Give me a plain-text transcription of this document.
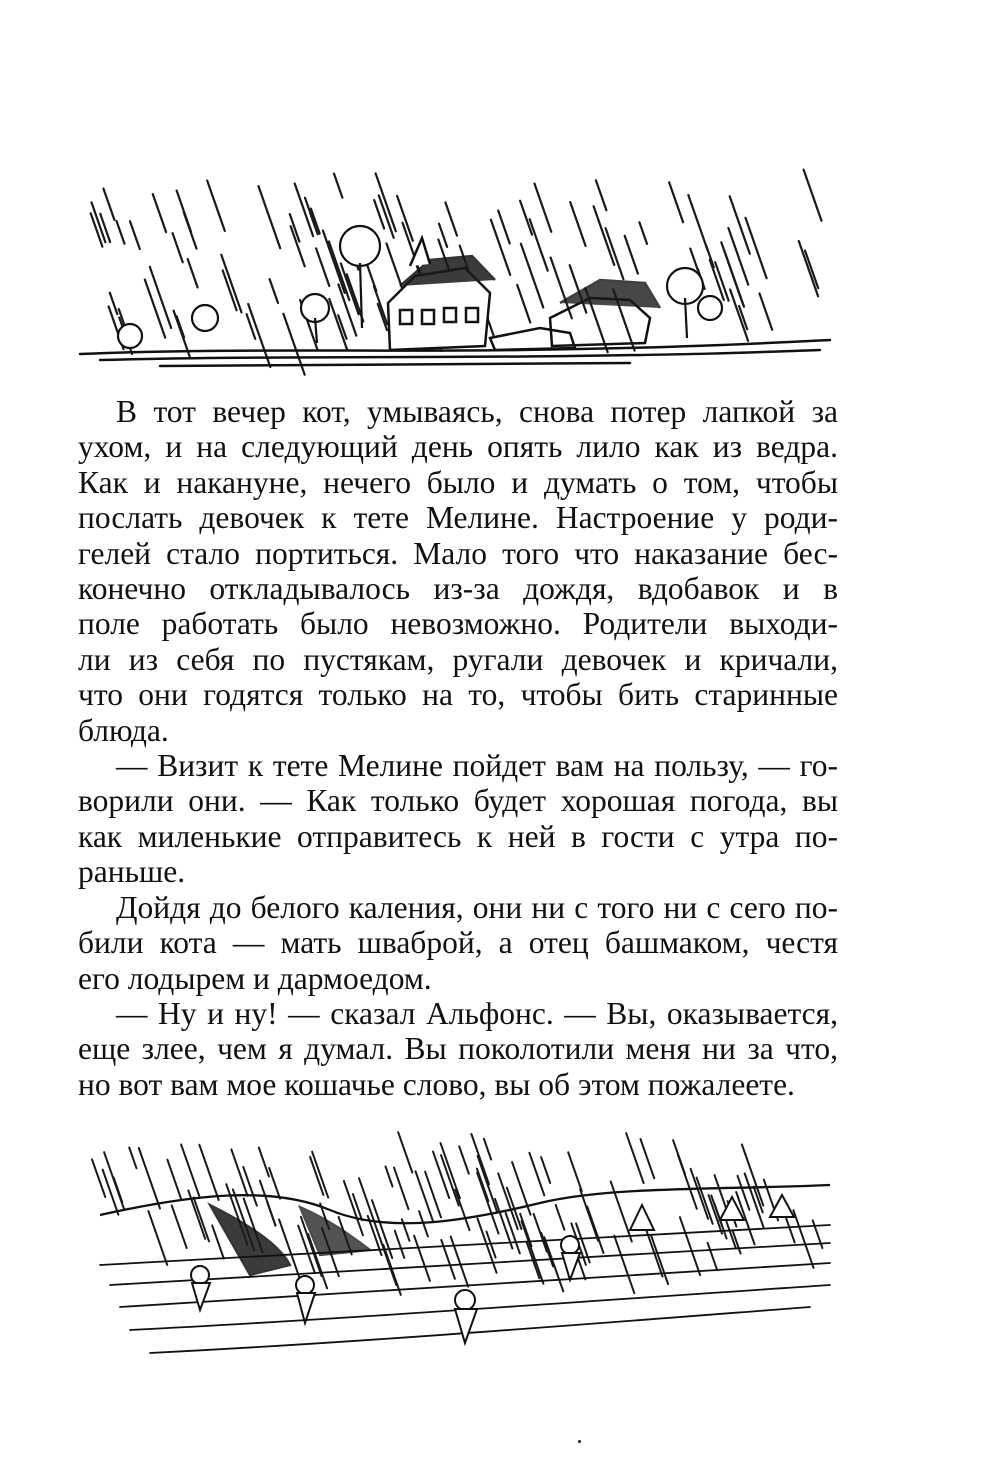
В тот вечер кот, умываясь, снова потер лапкой за
ухом, и на следующий день опять лило как из ведра.
Как и накануне, нечего было и думать о том, чтобы
послать девочек к тете Мелине. Настроение у роди-
гелей стало портиться. Мало того что наказание бес-
конечно откладывалось из-за дождя, вдобавок и в
поле работать было невозможно. Родители выходи-
ли из себя по пустякам, ругали девочек и кричали,
что они годятся только на то, чтобы бить старинные
блюда.

— Визит к тете Мелине пойдет вам на пользу, — го-
ворили они. — Как только будет хорошая погода, вы
как миленькие отправитесь к ней в гости с утра по-
раньше.

Дойдя до белого каления, они ни с того ни с сего по-
били кота — мать шваброй, а отец башмаком, честя
его лодырем и дармоедом.

— Ну и ну! — сказал Альфонс. — Вы, оказывается,
еще злее, чем я думал. Вы поколотили меня ни за что,
но вот вам мое кошачье слово, вы об этом пожалеете.
